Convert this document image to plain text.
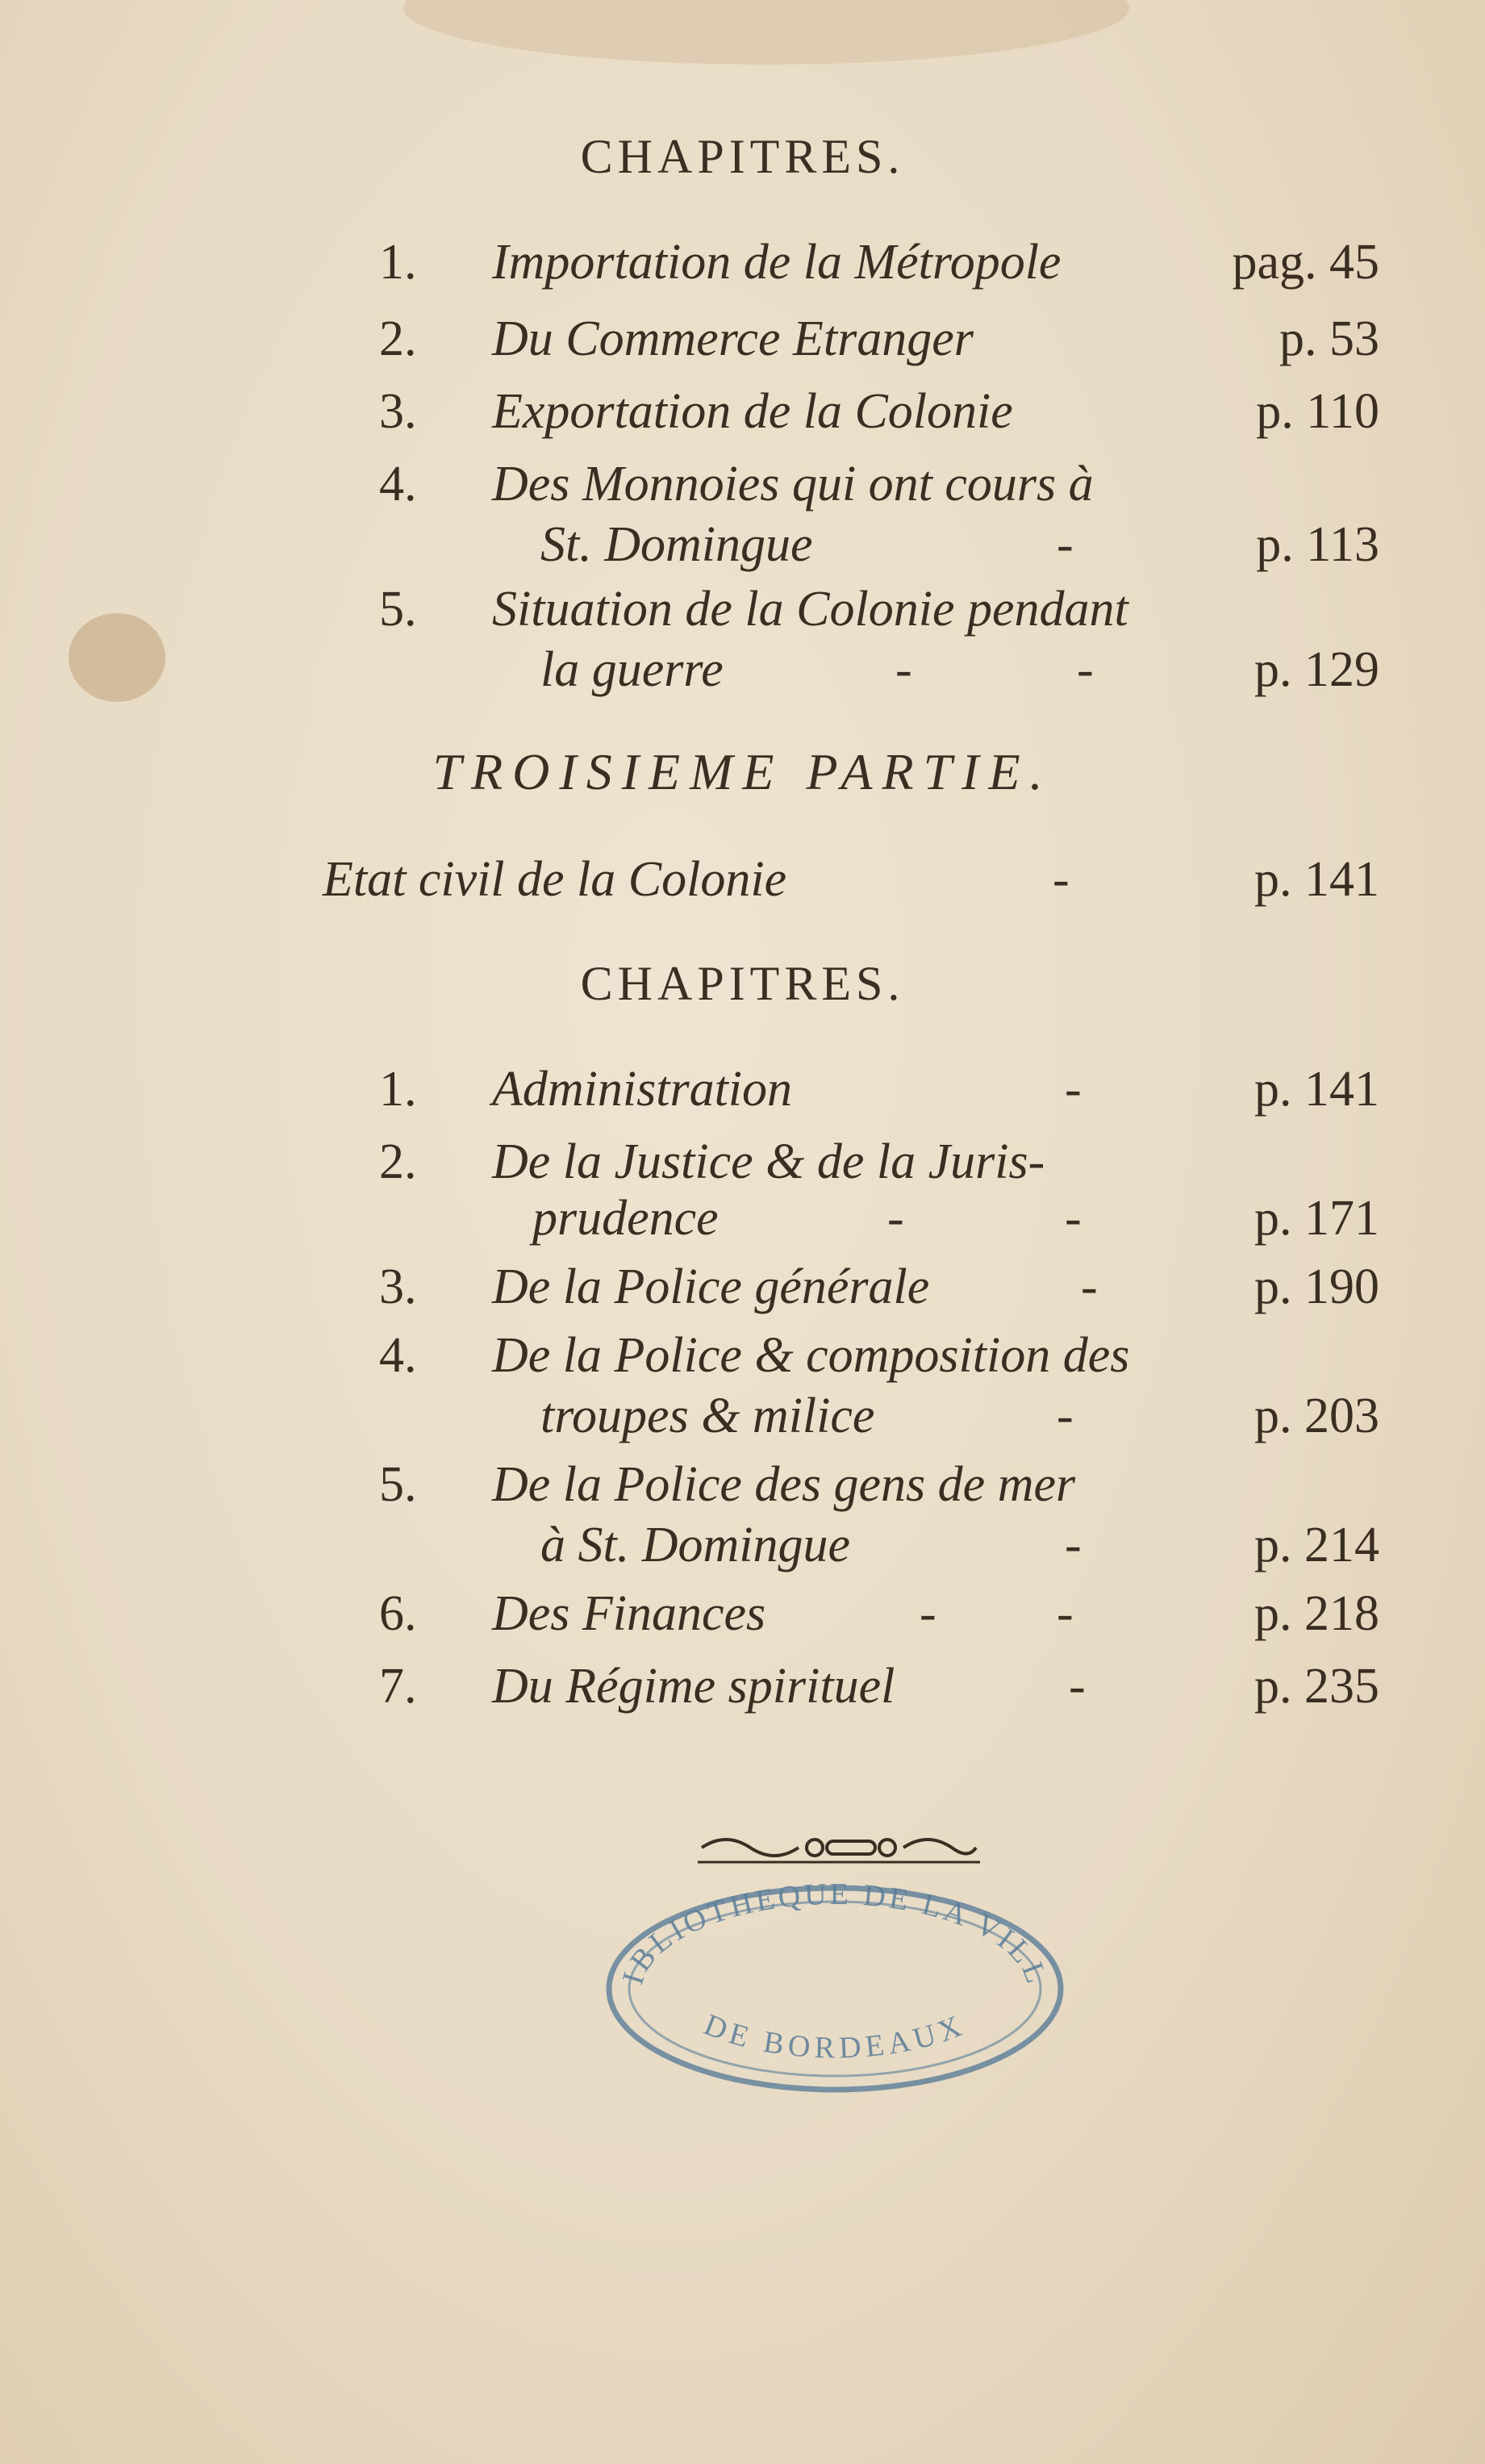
CHAPITRES.
1. Importation de la Métropole	pag. 45
2. Du Commerce Etranger	p. 53
3. Exportation de la Colonie	p. 110
4. Des Monnoies qui ont cours à
St. Domingue	-	p. 113
5. Situation de la Colonie pendant
la guerre	-	-	p. 129
TROISIEME PARTIE.
Etat civil de la Colonie	-	p. 141
CHAPITRES.
1. Administration	-	p. 141
2. De la Justice & de la Juris-
prudence	-	-	p. 171
3. De la Police générale	-	p. 190
4. De la Police & composition des
troupes & milice	-	p. 203
5. De la Police des gens de mer
à St. Domingue	-	p. 214
6. Des Finances	- -	p. 218
7. Du Régime spirituel	-	p. 235
IBLIOTHEQUE DE LA VILL
DE BORDEAUX
